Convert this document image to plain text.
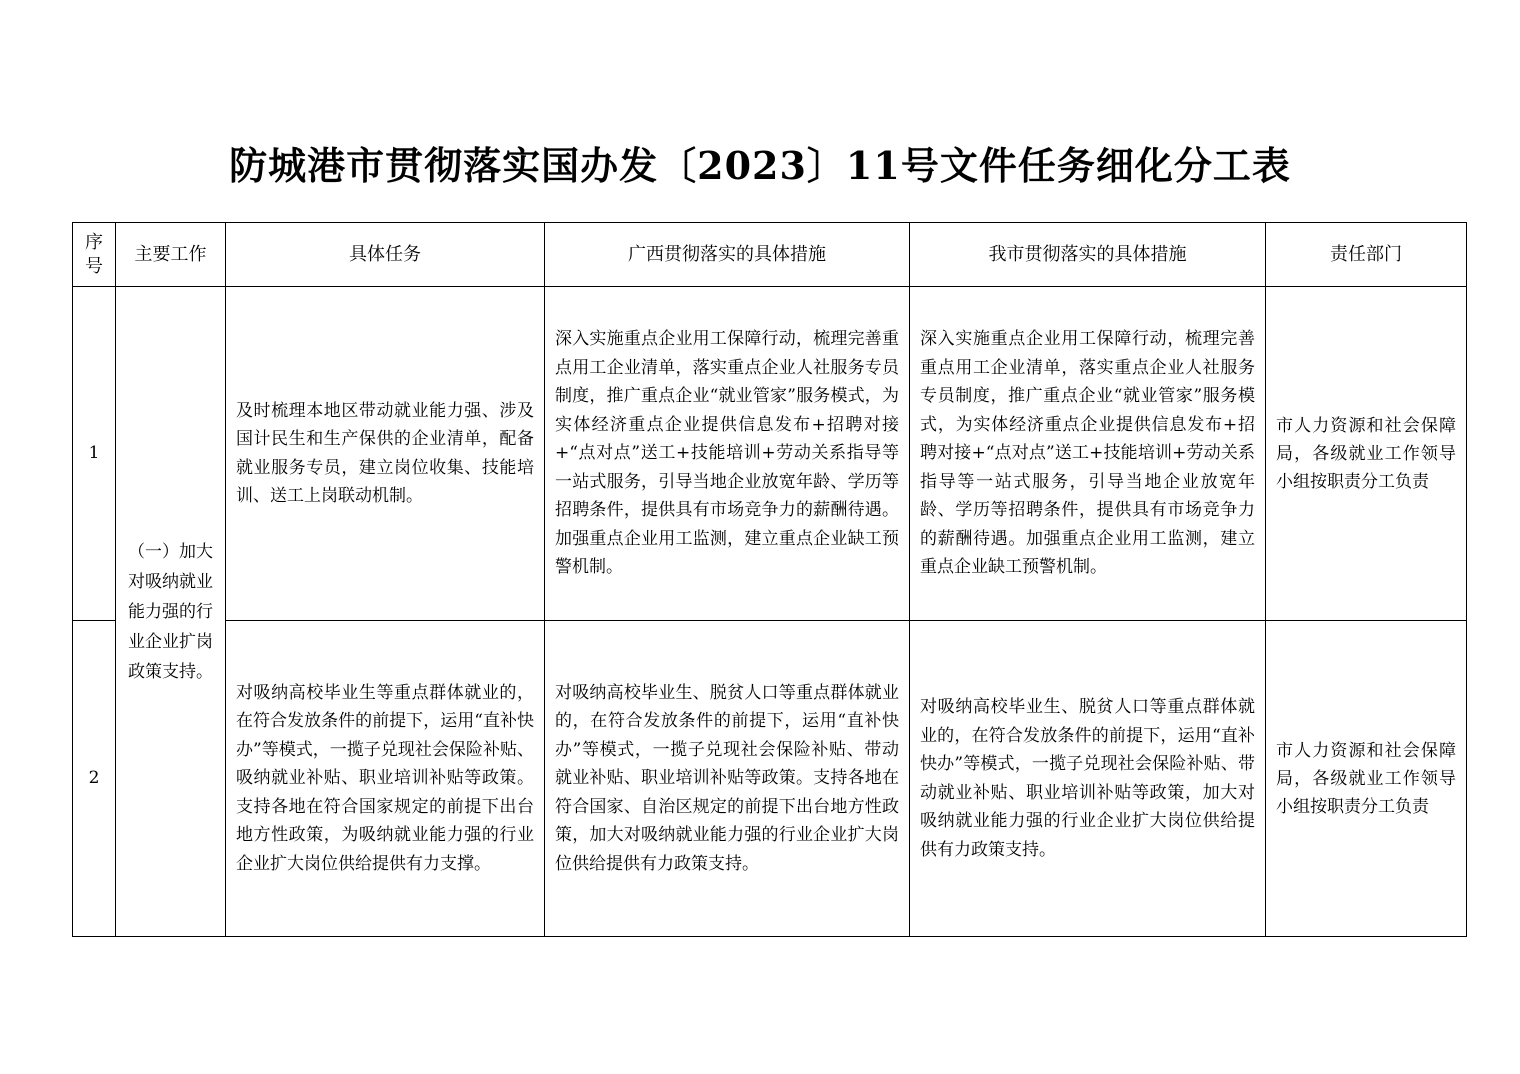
防城港市贯彻落实国办发〔2023〕11号文件任务细化分工表
序号	主要工作	具体任务	广西贯彻落实的具体措施	我市贯彻落实的具体措施	责任部门
1	（一）加大对吸纳就业能力强的行业企业扩岗政策支持。	及时梳理本地区带动就业能力强、涉及国计民生和生产保供的企业清单，配备就业服务专员，建立岗位收集、技能培训、送工上岗联动机制。	深入实施重点企业用工保障行动，梳理完善重点用工企业清单，落实重点企业人社服务专员制度，推广重点企业“就业管家”服务模式，为实体经济重点企业提供信息发布+招聘对接+“点对点”送工+技能培训+劳动关系指导等一站式服务，引导当地企业放宽年龄、学历等招聘条件，提供具有市场竞争力的薪酬待遇。加强重点企业用工监测，建立重点企业缺工预警机制。	深入实施重点企业用工保障行动，梳理完善重点用工企业清单，落实重点企业人社服务专员制度，推广重点企业“就业管家”服务模式，为实体经济重点企业提供信息发布+招聘对接+“点对点”送工+技能培训+劳动关系指导等一站式服务，引导当地企业放宽年龄、学历等招聘条件，提供具有市场竞争力的薪酬待遇。加强重点企业用工监测，建立重点企业缺工预警机制。	市人力资源和社会保障局，各级就业工作领导小组按职责分工负责
2		对吸纳高校毕业生等重点群体就业的，在符合发放条件的前提下，运用“直补快办”等模式，一揽子兑现社会保险补贴、吸纳就业补贴、职业培训补贴等政策。支持各地在符合国家规定的前提下出台地方性政策，为吸纳就业能力强的行业企业扩大岗位供给提供有力支撑。	对吸纳高校毕业生、脱贫人口等重点群体就业的，在符合发放条件的前提下，运用“直补快办”等模式，一揽子兑现社会保险补贴、带动就业补贴、职业培训补贴等政策。支持各地在符合国家、自治区规定的前提下出台地方性政策，加大对吸纳就业能力强的行业企业扩大岗位供给提供有力政策支持。	对吸纳高校毕业生、脱贫人口等重点群体就业的，在符合发放条件的前提下，运用“直补快办”等模式，一揽子兑现社会保险补贴、带动就业补贴、职业培训补贴等政策，加大对吸纳就业能力强的行业企业扩大岗位供给提供有力政策支持。	市人力资源和社会保障局，各级就业工作领导小组按职责分工负责
